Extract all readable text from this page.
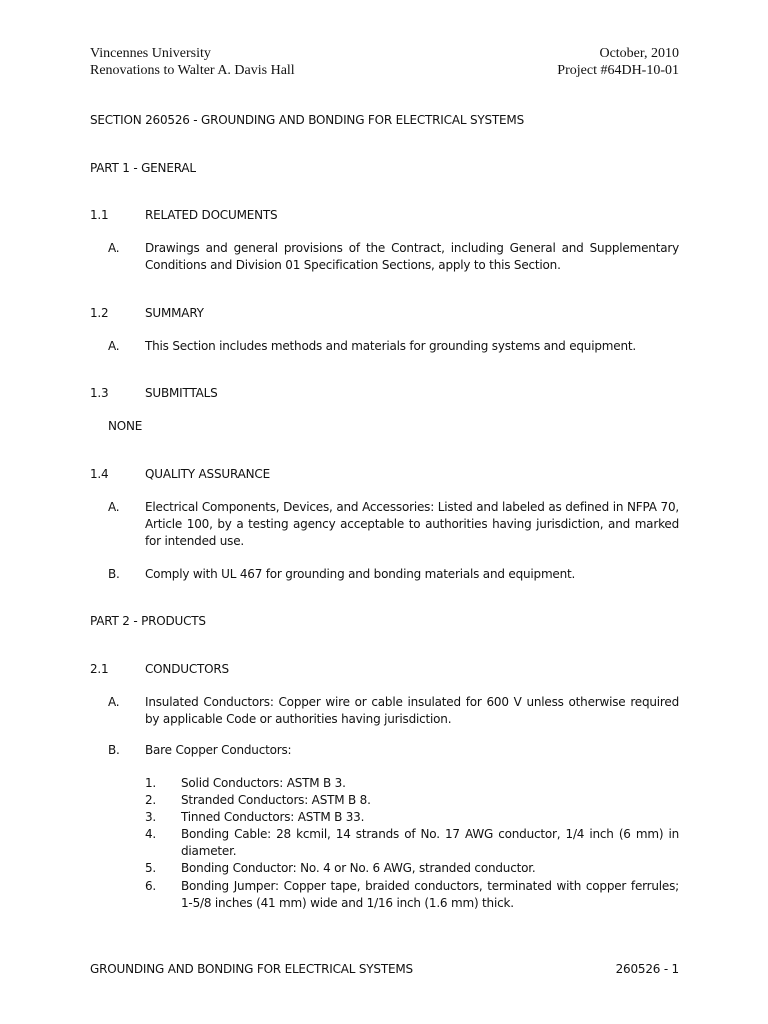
Vincennes University
Renovations to Walter A. Davis Hall
October, 2010
Project #64DH-10-01
SECTION 260526 - GROUNDING AND BONDING FOR ELECTRICAL SYSTEMS
PART 1 - GENERAL
1.1	RELATED DOCUMENTS
A. Drawings and general provisions of the Contract, including General and Supplementary Conditions and Division 01 Specification Sections, apply to this Section.
1.2	SUMMARY
A. This Section includes methods and materials for grounding systems and equipment.
1.3	SUBMITTALS
NONE
1.4	QUALITY ASSURANCE
A. Electrical Components, Devices, and Accessories: Listed and labeled as defined in NFPA 70, Article 100, by a testing agency acceptable to authorities having jurisdiction, and marked for intended use.
B. Comply with UL 467 for grounding and bonding materials and equipment.
PART 2 - PRODUCTS
2.1	CONDUCTORS
A. Insulated Conductors: Copper wire or cable insulated for 600 V unless otherwise required by applicable Code or authorities having jurisdiction.
B. Bare Copper Conductors:
1. Solid Conductors: ASTM B 3.
2. Stranded Conductors: ASTM B 8.
3. Tinned Conductors: ASTM B 33.
4. Bonding Cable: 28 kcmil, 14 strands of No. 17 AWG conductor, 1/4 inch (6 mm) in diameter.
5. Bonding Conductor: No. 4 or No. 6 AWG, stranded conductor.
6. Bonding Jumper: Copper tape, braided conductors, terminated with copper ferrules; 1-5/8 inches (41 mm) wide and 1/16 inch (1.6 mm) thick.
GROUNDING AND BONDING FOR ELECTRICAL SYSTEMS	260526 - 1
